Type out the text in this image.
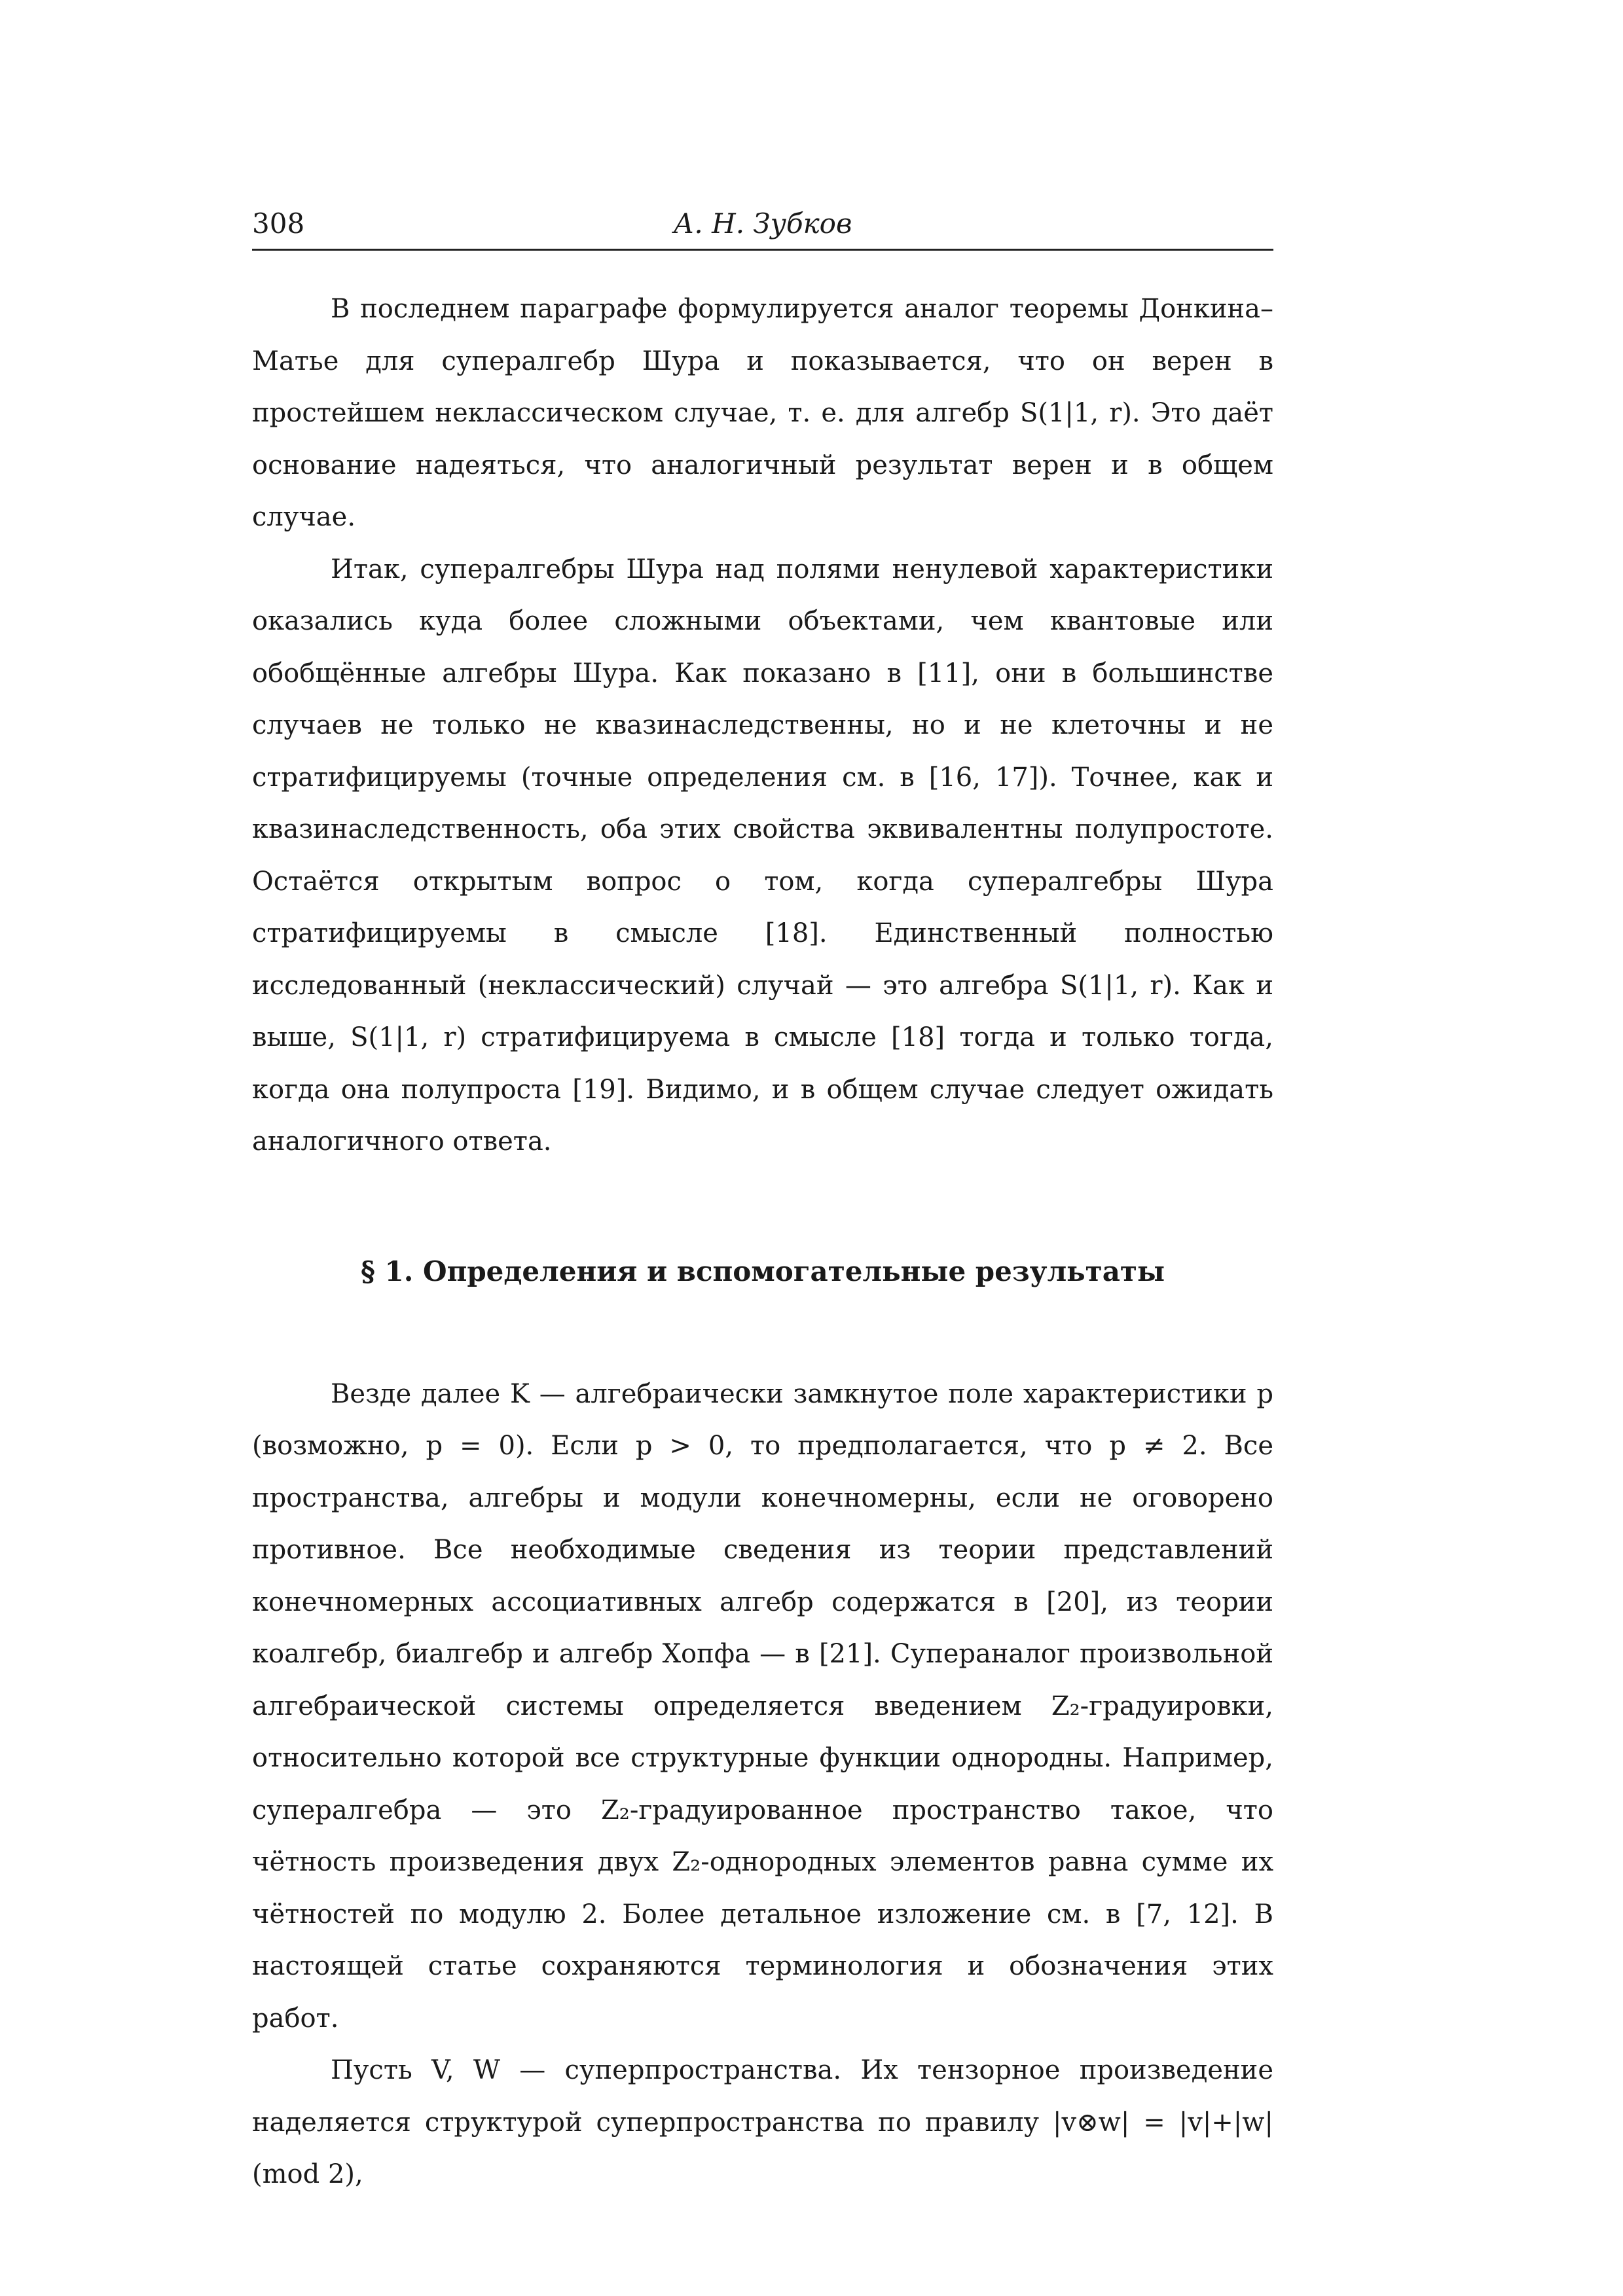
308	А. Н. Зубков

В последнем параграфе формулируется аналог теоремы Донкина–Матье для суперaлгебр Шура и показывается, что он верен в простейшем неклассическом случае, т. е. для алгебр S(1|1, r). Это даёт основание надеяться, что аналогичный результат верен и в общем случае.

Итак, супералгебры Шура над полями ненулевой характеристики оказались куда более сложными объектами, чем квантовые или обобщённые алгебры Шура. Как показано в [11], они в большинстве случаев не только не квазинаследственны, но и не клеточны и не стратифицируемы (точные определения см. в [16, 17]). Точнее, как и квазинаследственность, оба этих свойства эквивалентны полупростоте. Остаётся открытым вопрос о том, когда супералгебры Шура стратифицируемы в смысле [18]. Единственный полностью исследованный (неклассический) случай — это алгебра S(1|1, r). Как и выше, S(1|1, r) стратифицируема в смысле [18] тогда и только тогда, когда она полупроста [19]. Видимо, и в общем случае следует ожидать аналогичного ответа.

§ 1. Определения и вспомогательные результаты

Везде далее K — алгебраически замкнутое поле характеристики p (возможно, p = 0). Если p > 0, то предполагается, что p ≠ 2. Все пространства, алгебры и модули конечномерны, если не оговорено противное. Все необходимые сведения из теории представлений конечномерных ассоциативных алгебр содержатся в [20], из теории коалгебр, биалгебр и алгебр Хопфа — в [21]. Супераналог произвольной алгебраической системы определяется введением Z₂-градуировки, относительно которой все структурные функции однородны. Например, супералгебра — это Z₂-градуированное пространство такое, что чётность произведения двух Z₂-однородных элементов равна сумме их чётностей по модулю 2. Более детальное изложение см. в [7, 12]. В настоящей статье сохраняются терминология и обозначения этих работ.

Пусть V, W — суперпространства. Их тензорное произведение наделяется структурой суперпространства по правилу |v⊗w| = |v|+|w| (mod 2),
